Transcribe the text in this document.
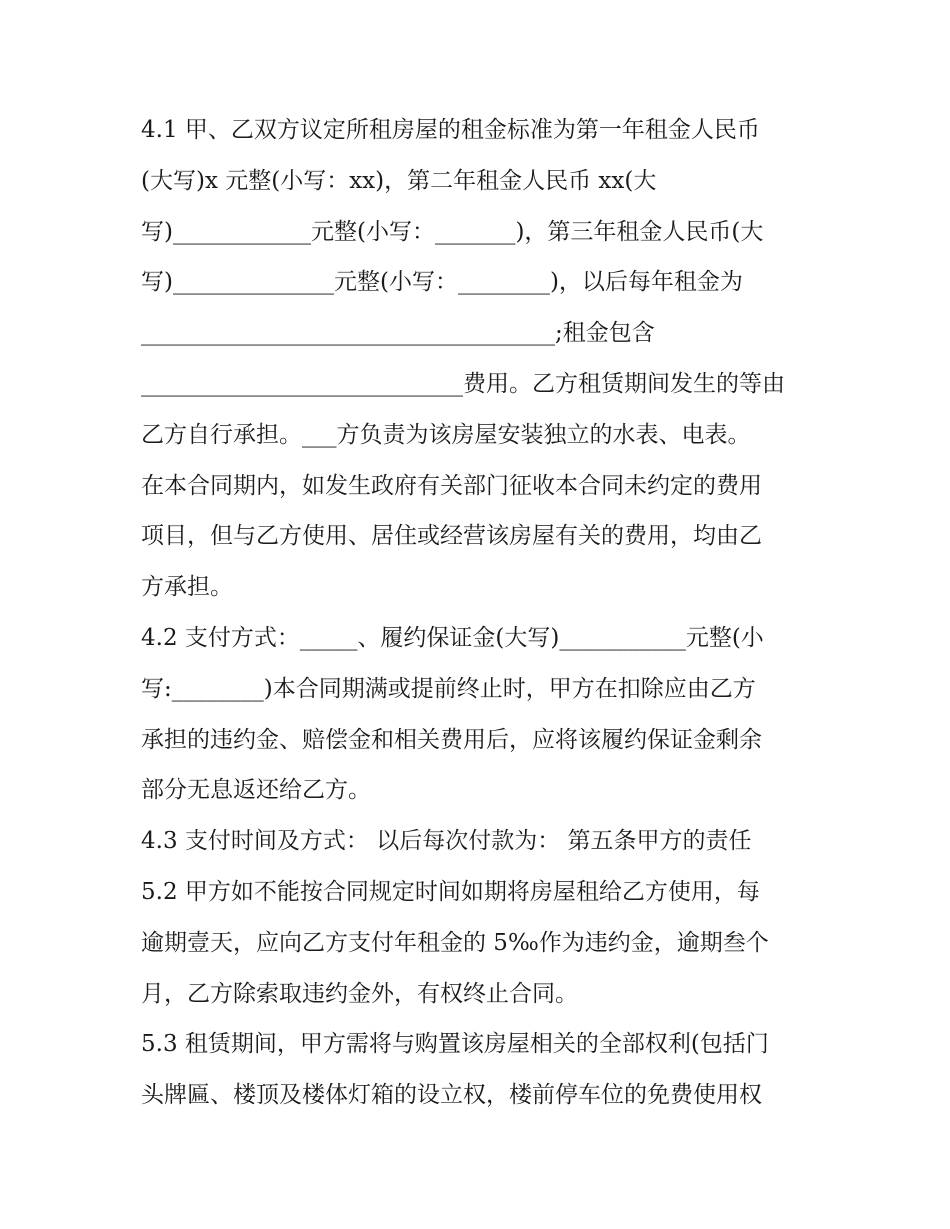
4.1 甲、乙双方议定所租房屋的租金标准为第一年租金人民币
(大写)x 元整(小写：xx)，第二年租金人民币 xx(大
写)____________元整(小写：_______)，第三年租金人民币(大
写)______________元整(小写：________)，以后每年租金为
____________________________________;租金包含
____________________________费用。乙方租赁期间发生的等由
乙方自行承担。___方负责为该房屋安装独立的水表、电表。
在本合同期内，如发生政府有关部门征收本合同未约定的费用
项目，但与乙方使用、居住或经营该房屋有关的费用，均由乙
方承担。
4.2 支付方式：_____、履约保证金(大写)___________元整(小
写:________)本合同期满或提前终止时，甲方在扣除应由乙方
承担的违约金、赔偿金和相关费用后，应将该履约保证金剩余
部分无息返还给乙方。
4.3 支付时间及方式： 以后每次付款为： 第五条甲方的责任
5.2 甲方如不能按合同规定时间如期将房屋租给乙方使用，每
逾期壹天，应向乙方支付年租金的 5‰作为违约金，逾期叁个
月，乙方除索取违约金外，有权终止合同。
5.3 租赁期间，甲方需将与购置该房屋相关的全部权利(包括门
头牌匾、楼顶及楼体灯箱的设立权，楼前停车位的免费使用权
